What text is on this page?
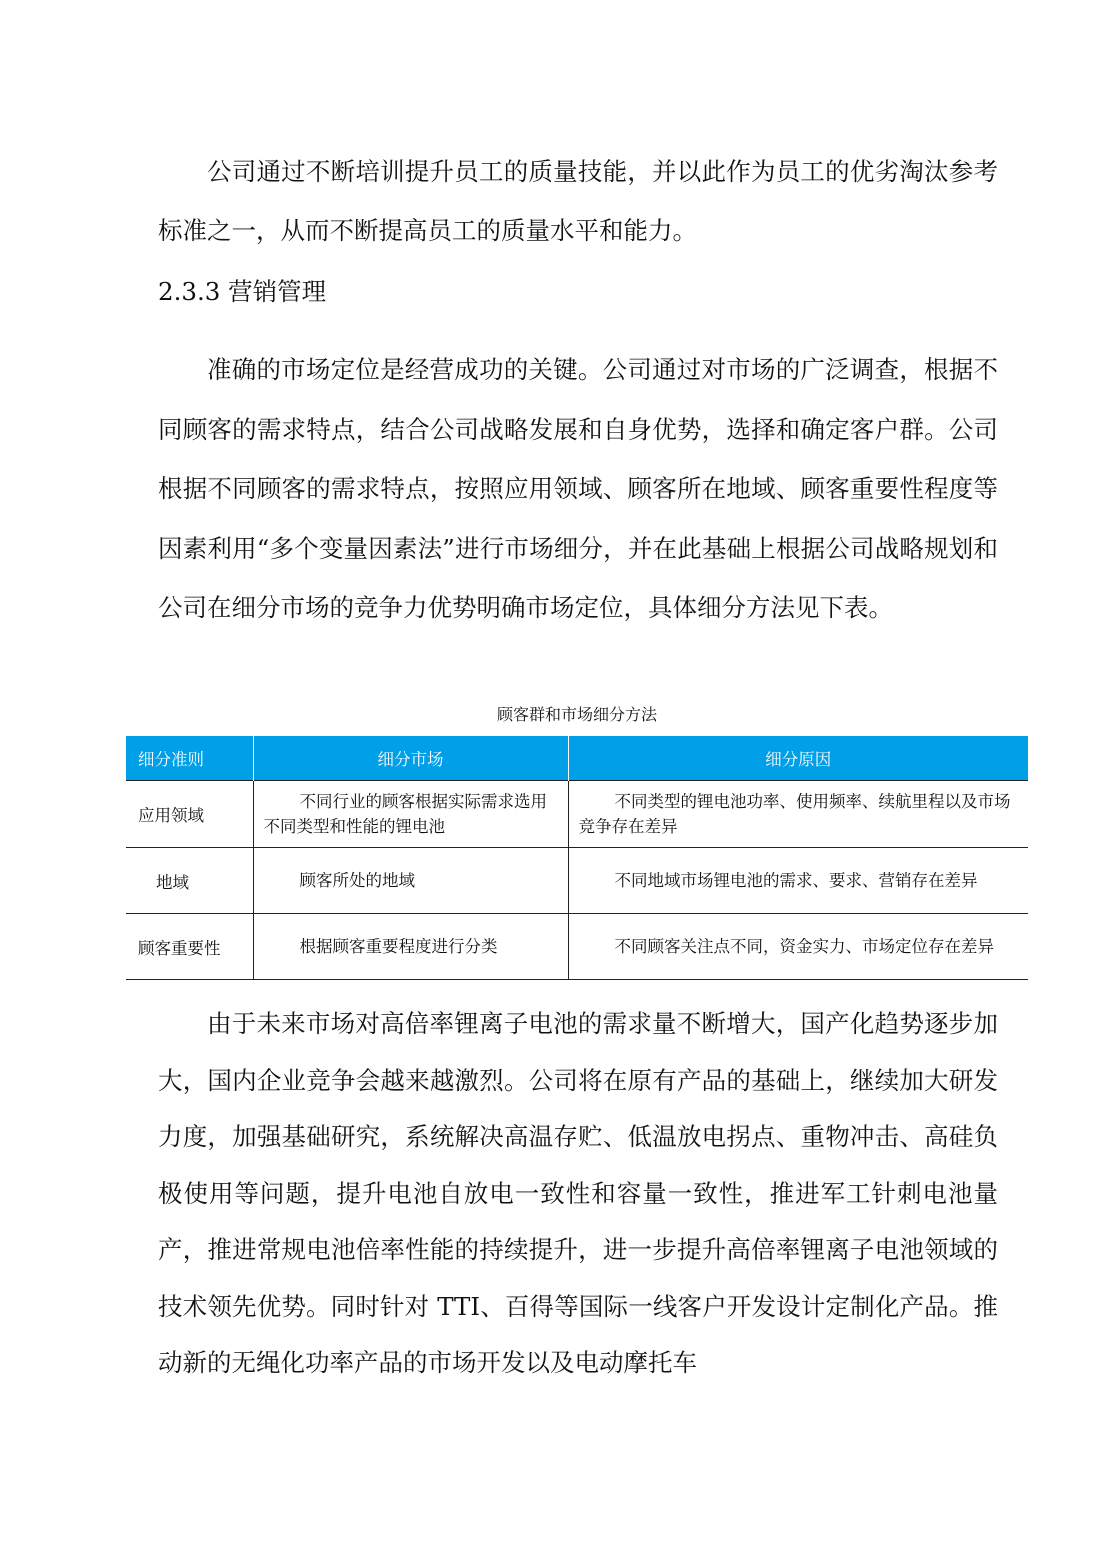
公司通过不断培训提升员工的质量技能，并以此作为员工的优劣淘汰参考标准之一，从而不断提高员工的质量水平和能力。

2.3.3 营销管理

准确的市场定位是经营成功的关键。公司通过对市场的广泛调查，根据不同顾客的需求特点，结合公司战略发展和自身优势，选择和确定客户群。公司根据不同顾客的需求特点，按照应用领域、顾客所在地域、顾客重要性程度等因素利用“多个变量因素法”进行市场细分，并在此基础上根据公司战略规划和公司在细分市场的竞争力优势明确市场定位，具体细分方法见下表。

顾客群和市场细分方法
细分准则	细分市场	细分原因
应用领域	不同行业的顾客根据实际需求选用不同类型和性能的锂电池	不同类型的锂电池功率、使用频率、续航里程以及市场竞争存在差异

地域	顾客所处的地域	不同地域市场锂电池的需求、要求、营销存在差异

顾客重要性	根据顾客重要程度进行分类	不同顾客关注点不同，资金实力、市场定位存在差异

由于未来市场对高倍率锂离子电池的需求量不断增大，国产化趋势逐步加大，国内企业竞争会越来越激烈。公司将在原有产品的基础上，继续加大研发力度，加强基础研究，系统解决高温存贮、低温放电拐点、重物冲击、高硅负极使用等问题，提升电池自放电一致性和容量一致性，推进军工针刺电池量产，推进常规电池倍率性能的持续提升，进一步提升高倍率锂离子电池领域的技术领先优势。同时针对 TTI、百得等国际一线客户开发设计定制化产品。推动新的无绳化功率产品的市场开发以及电动摩托车
